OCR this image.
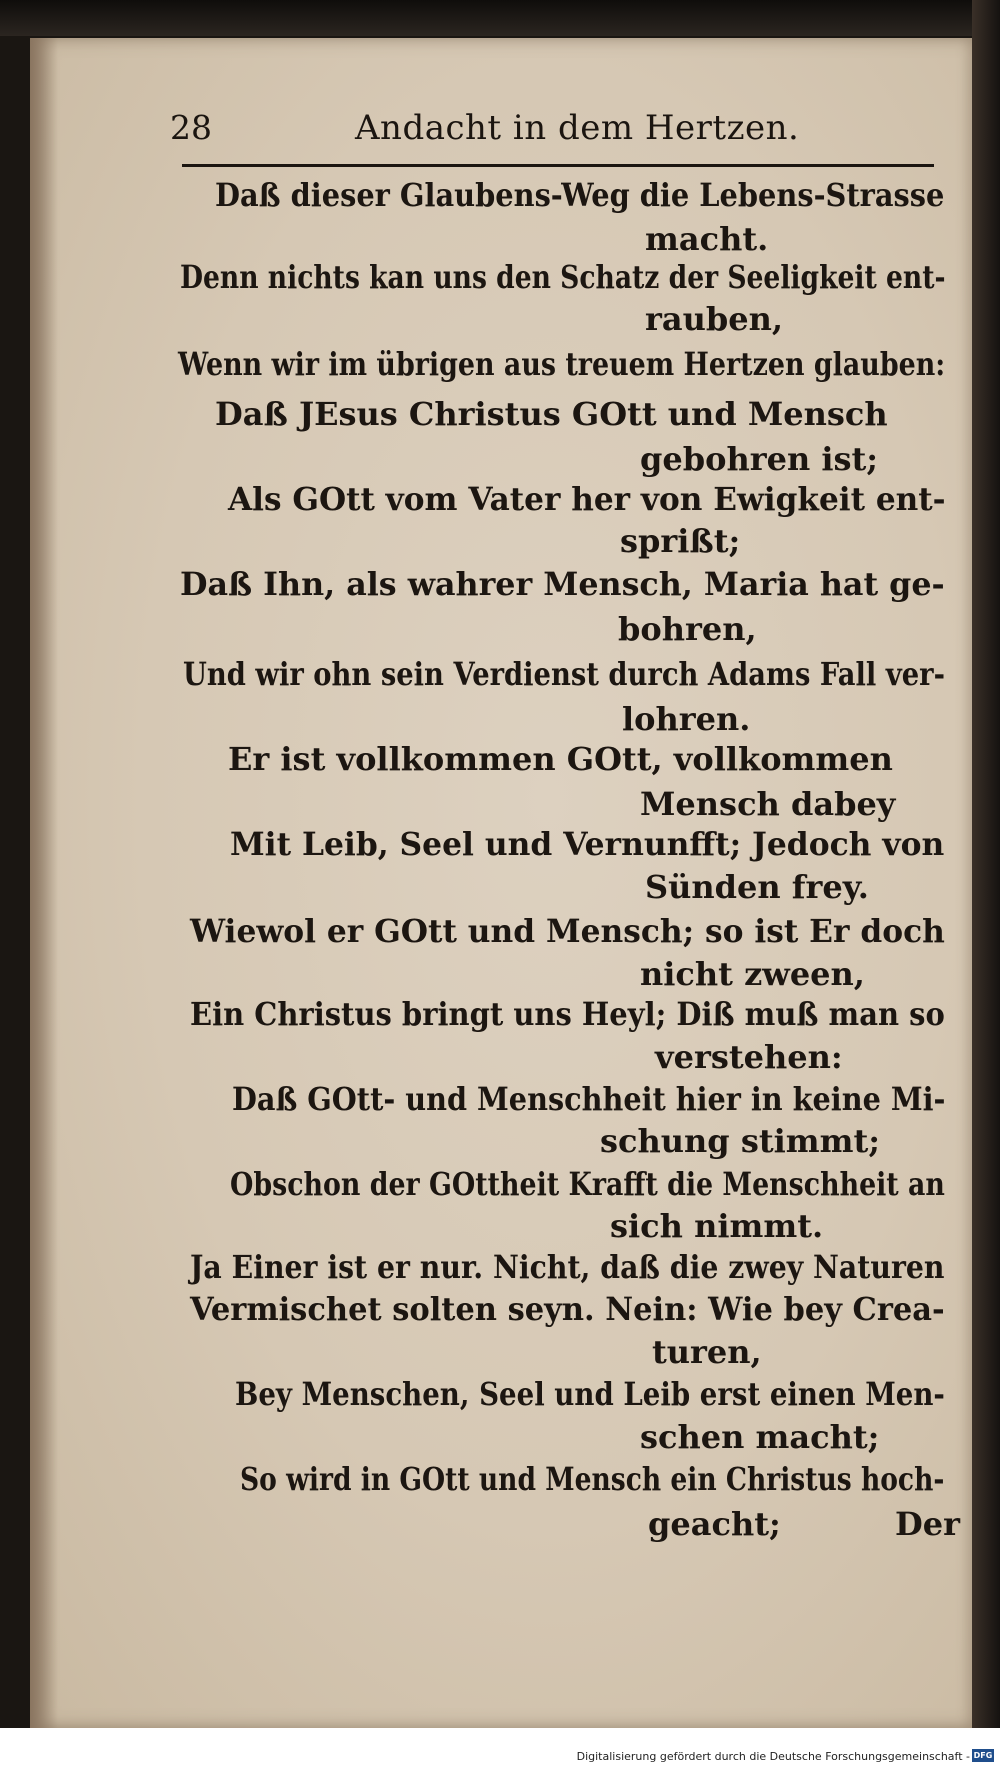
28	Andacht in dem Hertzen.
Daß dieser Glaubens-Weg die Lebens-Strasse
macht.
Denn nichts kan uns den Schatz der Seeligkeit ent-
rauben,
Wenn wir im übrigen aus treuem Hertzen glauben:
Daß JEsus Christus GOtt und Mensch
gebohren ist;
Als GOtt vom Vater her von Ewigkeit ent-
sprißt;
Daß Ihn, als wahrer Mensch, Maria hat ge-
bohren,
Und wir ohn sein Verdienst durch Adams Fall ver-
lohren.
Er ist vollkommen GOtt, vollkommen
Mensch dabey
Mit Leib, Seel und Vernunfft; Jedoch von
Sünden frey.
Wiewol er GOtt und Mensch; so ist Er doch
nicht zween,
Ein Christus bringt uns Heyl; Diß muß man so
verstehen:
Daß GOtt- und Menschheit hier in keine Mi-
schung stimmt;
Obschon der GOttheit Krafft die Menschheit an
sich nimmt.
Ja Einer ist er nur. Nicht, daß die zwey Naturen
Vermischet solten seyn. Nein: Wie bey Crea-
turen,
Bey Menschen, Seel und Leib erst einen Men-
schen macht;
So wird in GOtt und Mensch ein Christus hoch-
geacht;	Der
Digitalisierung gefördert durch die Deutsche Forschungsgemeinschaft - DFG
